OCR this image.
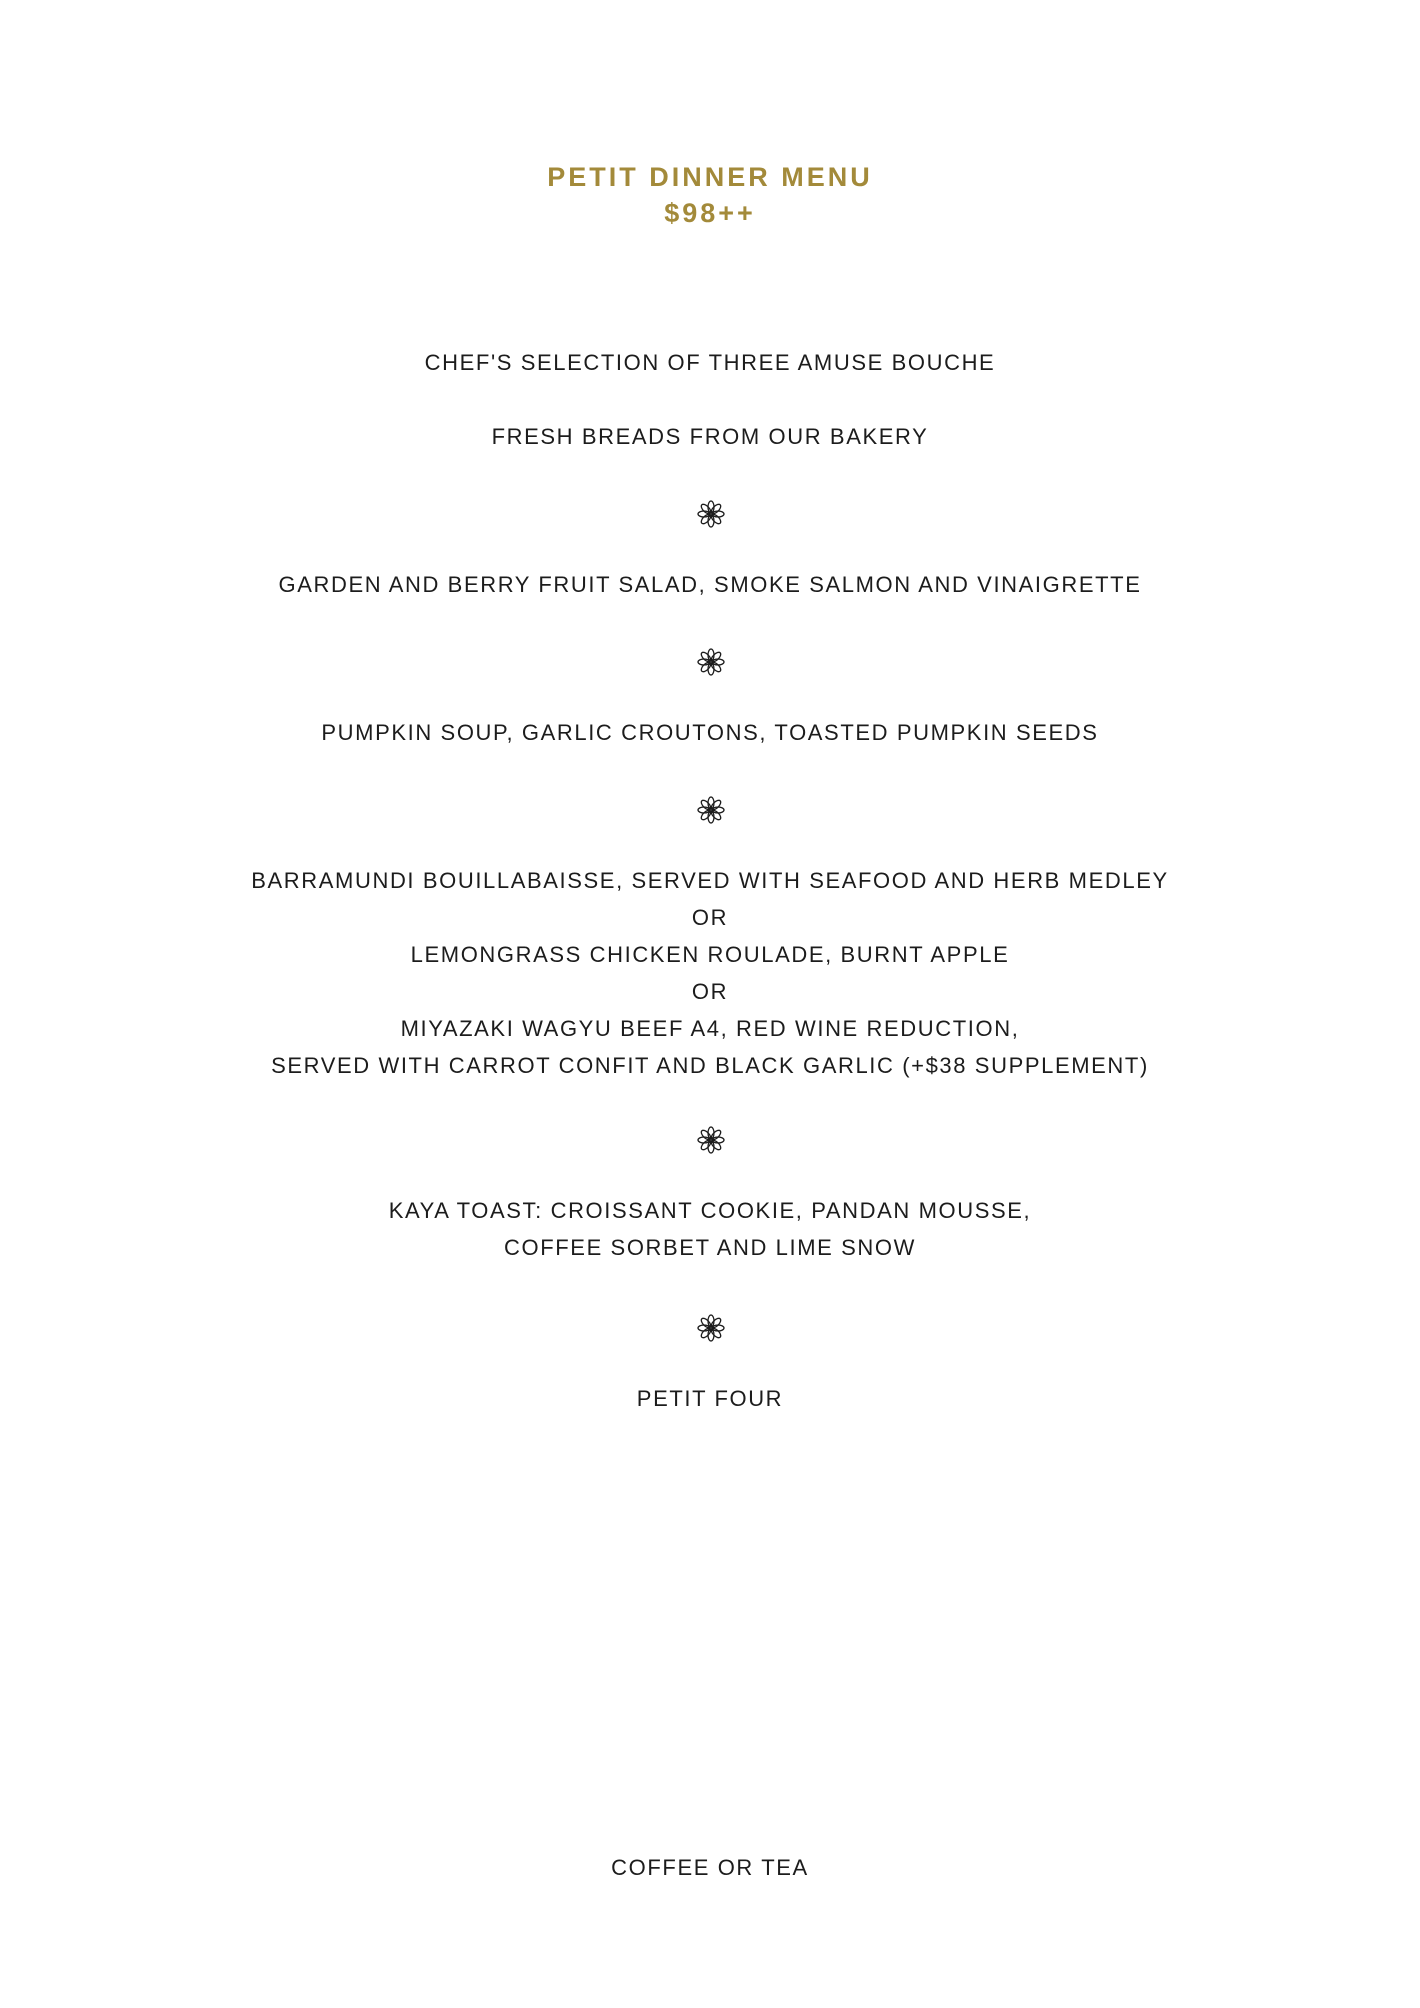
PETIT DINNER MENU
$98++
CHEF'S SELECTION OF THREE AMUSE BOUCHE
FRESH BREADS FROM OUR BAKERY
GARDEN AND BERRY FRUIT SALAD, SMOKE SALMON AND VINAIGRETTE
PUMPKIN SOUP, GARLIC CROUTONS, TOASTED PUMPKIN SEEDS
BARRAMUNDI BOUILLABAISSE, SERVED WITH SEAFOOD AND HERB MEDLEY
OR
LEMONGRASS CHICKEN ROULADE, BURNT APPLE
OR
MIYAZAKI WAGYU BEEF A4, RED WINE REDUCTION,
SERVED WITH CARROT CONFIT AND BLACK GARLIC (+$38 SUPPLEMENT)
KAYA TOAST: CROISSANT COOKIE, PANDAN MOUSSE,
COFFEE SORBET AND LIME SNOW
PETIT FOUR
COFFEE OR TEA
